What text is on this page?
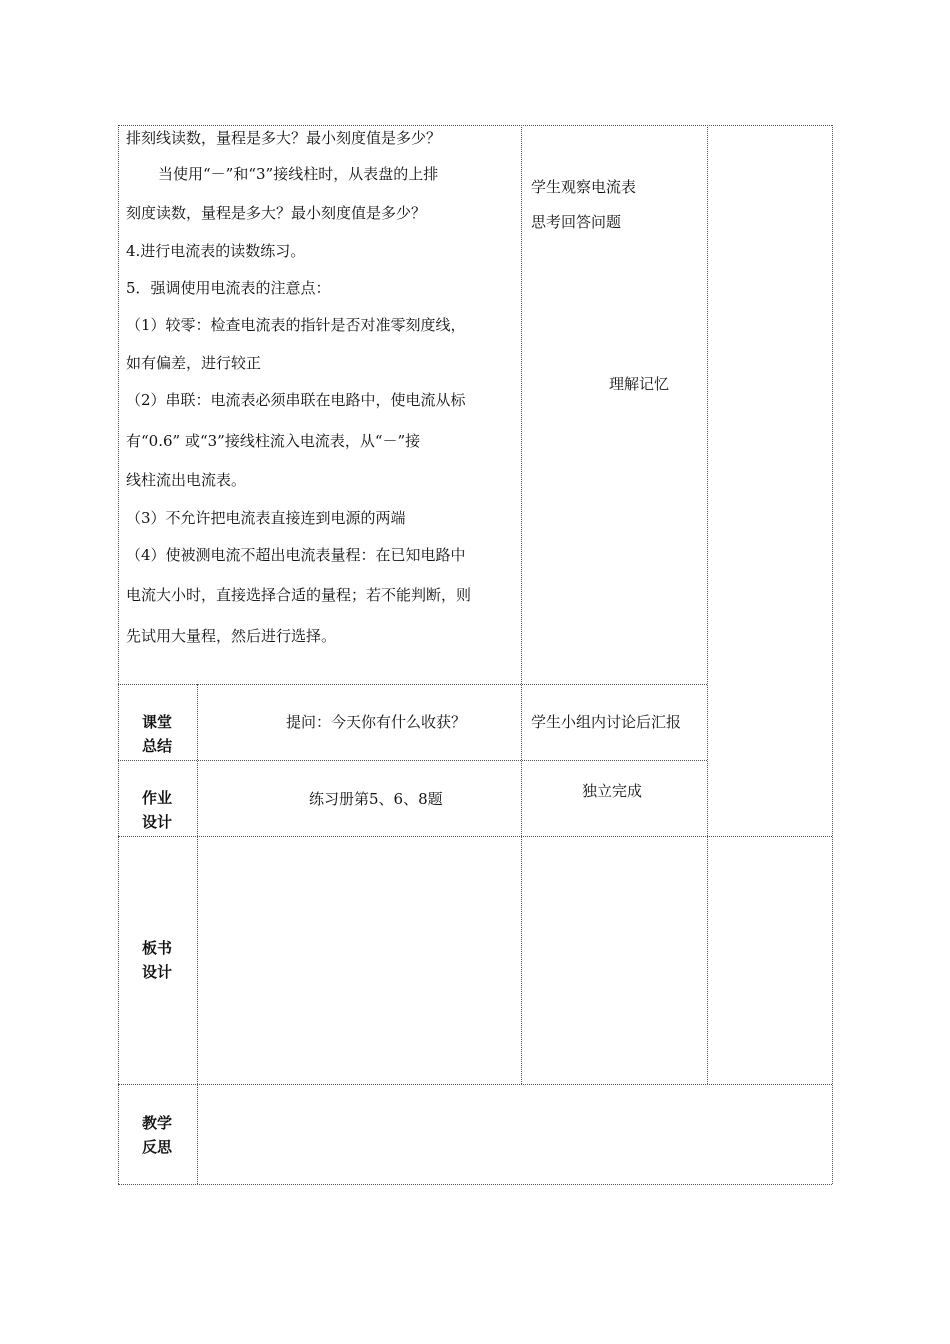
排刻线读数，量程是多大？最小刻度值是多少？
　当使用“－”和“3”接线柱时，从表盘的上排
刻度读数，量程是多大？最小刻度值是多少？
4.进行电流表的读数练习。
5．强调使用电流表的注意点：
（1）较零：检查电流表的指针是否对准零刻度线，
如有偏差，进行较正
（2）串联：电流表必须串联在电路中，使电流从标
有“0.6” 或“3”接线柱流入电流表，从“－”接
线柱流出电流表。
（3）不允许把电流表直接连到电源的两端
（4）使被测电流不超出电流表量程：在已知电路中
电流大小时，直接选择合适的量程；若不能判断，则
先试用大量程，然后进行选择。
学生观察电流表
思考回答问题
理解记忆
课堂
总结
提问：今天你有什么收获？	学生小组内讨论后汇报
作业
设计
练习册第5、6、8题	独立完成
板书
设计
教学
反思
